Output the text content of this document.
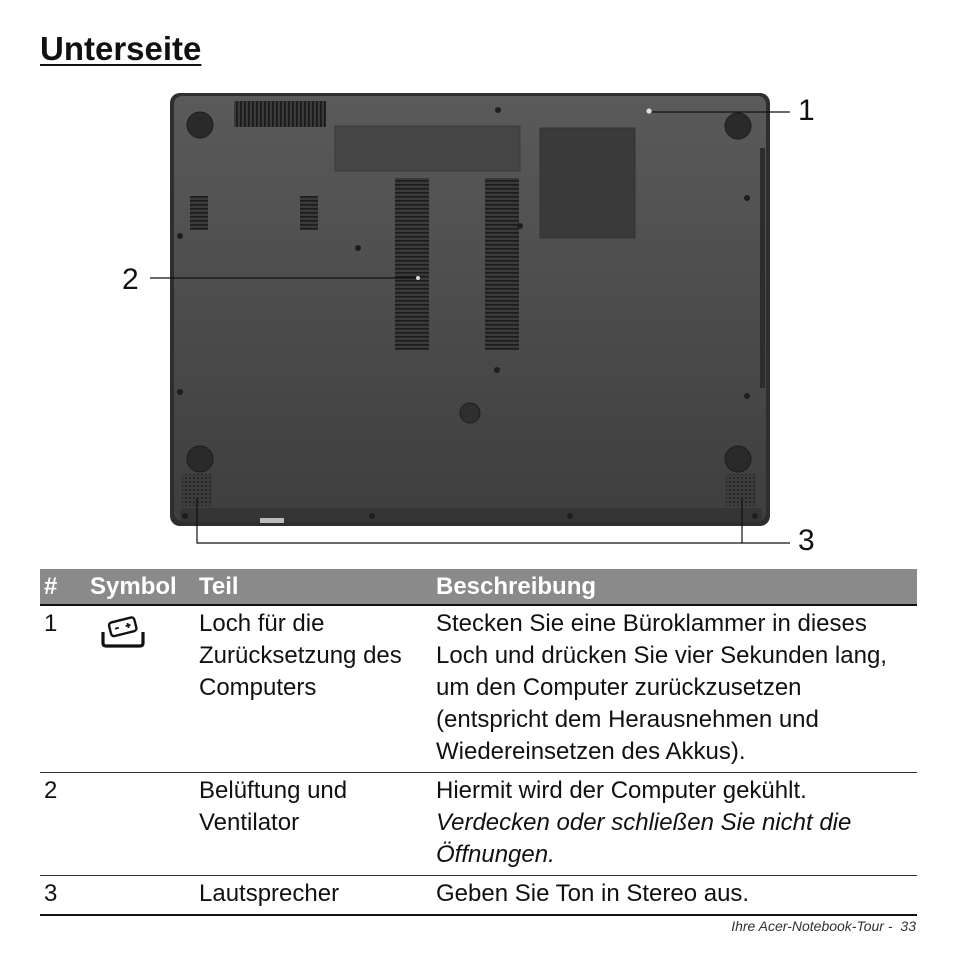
Unterseite
1
2
3
#	Symbol	Teil	Beschreibung
1		Loch für die Zurücksetzung des Computers	Stecken Sie eine Büroklammer in dieses Loch und drücken Sie vier Sekunden lang, um den Computer zurückzusetzen (entspricht dem Herausnehmen und Wiedereinsetzen des Akkus).
2		Belüftung und Ventilator	Hiermit wird der Computer gekühlt.
Verdecken oder schließen Sie nicht die Öffnungen.

3		Lautsprecher	Geben Sie Ton in Stereo aus.
Ihre Acer-Notebook-Tour - 33
